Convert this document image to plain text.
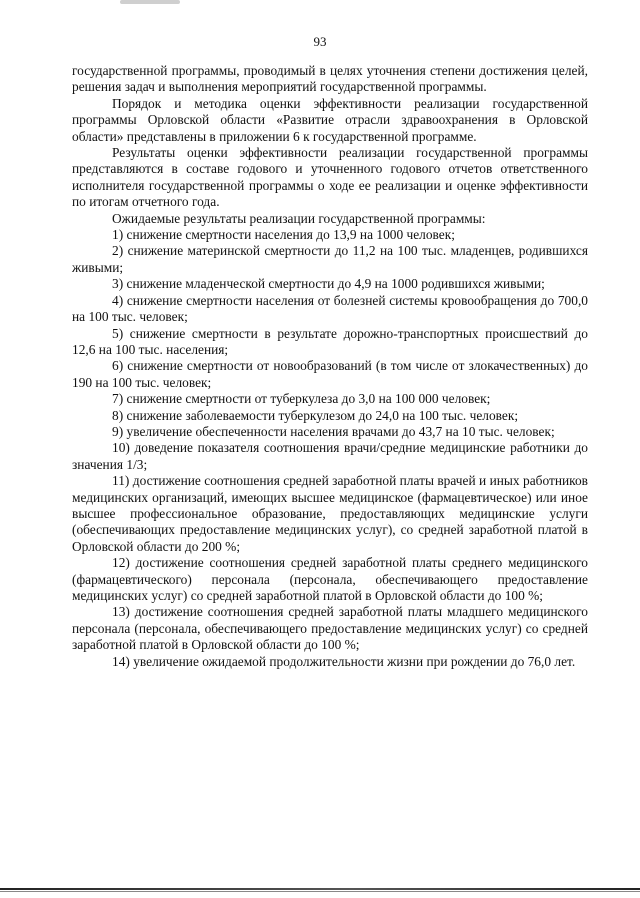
93

государственной программы, проводимый в целях уточнения степени достижения целей, решения задач и выполнения мероприятий государственной программы.

Порядок и методика оценки эффективности реализации государственной программы Орловской области «Развитие отрасли здравоохранения в Орловской области» представлены в приложении 6 к государственной программе.

Результаты оценки эффективности реализации государственной программы представляются в составе годового и уточненного годового отчетов ответственного исполнителя государственной программы о ходе ее реализации и оценке эффективности по итогам отчетного года.

Ожидаемые результаты реализации государственной программы:

1) снижение смертности населения до 13,9 на 1000 человек;

2) снижение материнской смертности до 11,2 на 100 тыс. младенцев, родившихся живыми;

3) снижение младенческой смертности до 4,9 на 1000 родившихся живыми;

4) снижение смертности населения от болезней системы кровообращения до 700,0 на 100 тыс. человек;

5) снижение смертности в результате дорожно-транспортных происшествий до 12,6 на 100 тыс. населения;

6) снижение смертности от новообразований (в том числе от злокачественных) до 190 на 100 тыс. человек;

7) снижение смертности от туберкулеза до 3,0 на 100 000 человек;

8) снижение заболеваемости туберкулезом до 24,0 на 100 тыс. человек;

9) увеличение обеспеченности населения врачами до 43,7 на 10 тыс. человек;

10) доведение показателя соотношения врачи/средние медицинские работники до значения 1/3;

11) достижение соотношения средней заработной платы врачей и иных работников медицинских организаций, имеющих высшее медицинское (фармацевтическое) или иное высшее профессиональное образование, предоставляющих медицинские услуги (обеспечивающих предоставление медицинских услуг), со средней заработной платой в Орловской области до 200 %;

12) достижение соотношения средней заработной платы среднего медицинского (фармацевтического) персонала (персонала, обеспечивающего предоставление медицинских услуг) со средней заработной платой в Орловской области до 100 %;

13) достижение соотношения средней заработной платы младшего медицинского персонала (персонала, обеспечивающего предоставление медицинских услуг) со средней заработной платой в Орловской области до 100 %;

14) увеличение ожидаемой продолжительности жизни при рождении до 76,0 лет.
